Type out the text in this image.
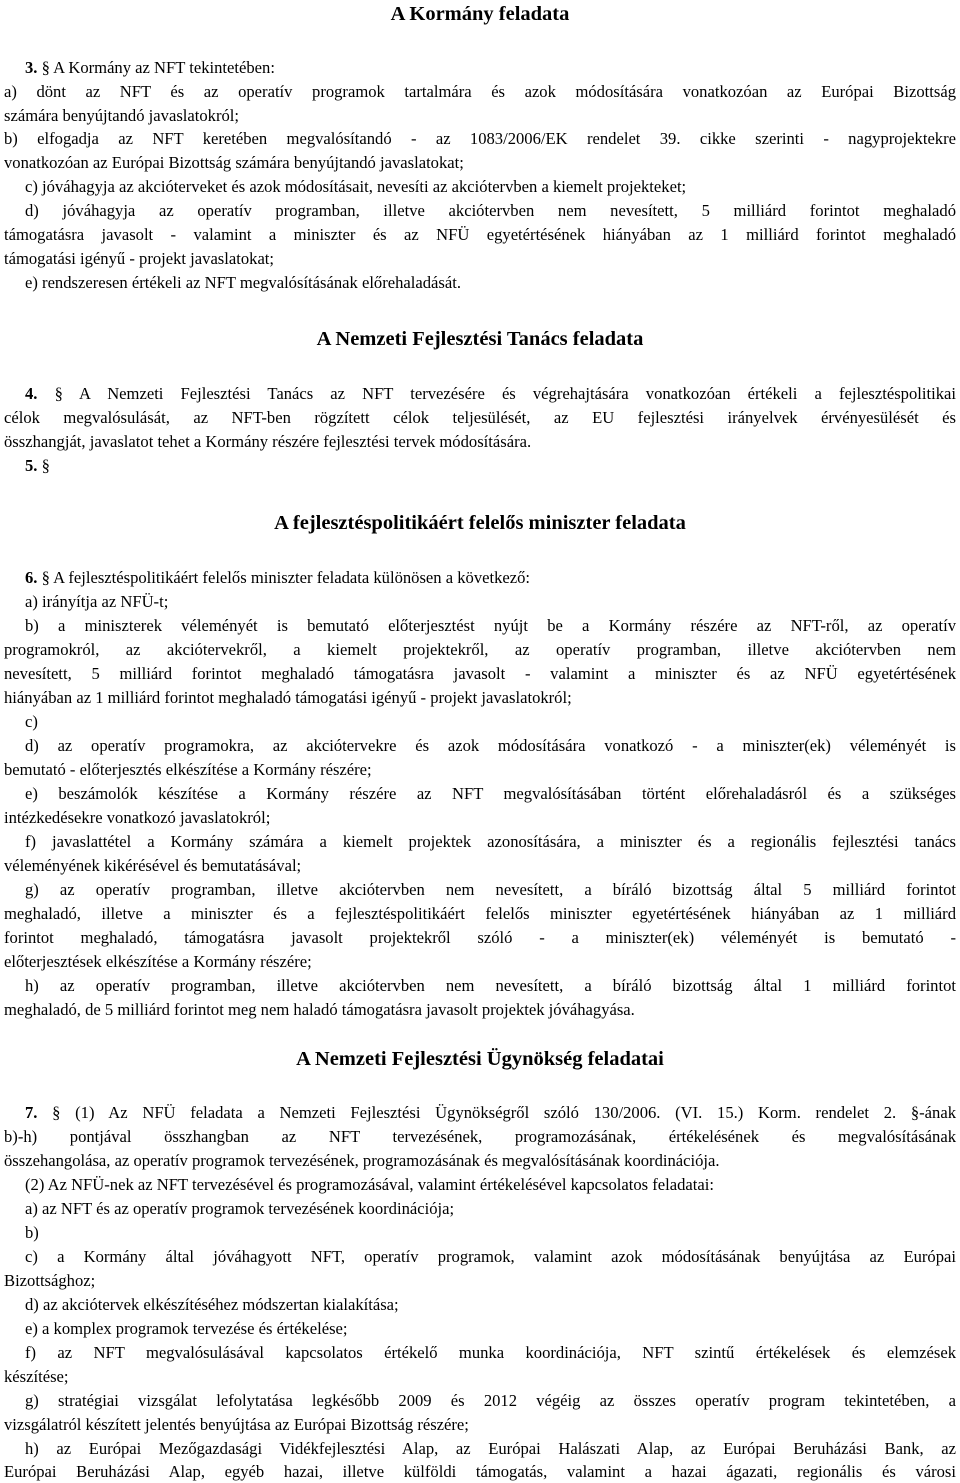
A Kormány feladata
3. § A Kormány az NFT tekintetében:
a) dönt az NFT és az operatív programok tartalmára és azok módosítására vonatkozóan az Európai Bizottság
számára benyújtandó javaslatokról;
b) elfogadja az NFT keretében megvalósítandó - az 1083/2006/EK rendelet 39. cikke szerinti - nagyprojektekre
vonatkozóan az Európai Bizottság számára benyújtandó javaslatokat;
c) jóváhagyja az akcióterveket és azok módosításait, nevesíti az akciótervben a kiemelt projekteket;
d) jóváhagyja az operatív programban, illetve akciótervben nem nevesített, 5 milliárd forintot meghaladó
támogatásra javasolt - valamint a miniszter és az NFÜ egyetértésének hiányában az 1 milliárd forintot meghaladó
támogatási igényű - projekt javaslatokat;
e) rendszeresen értékeli az NFT megvalósításának előrehaladását.
A Nemzeti Fejlesztési Tanács feladata
4. § A Nemzeti Fejlesztési Tanács az NFT tervezésére és végrehajtására vonatkozóan értékeli a fejlesztéspolitikai
célok megvalósulását, az NFT-ben rögzített célok teljesülését, az EU fejlesztési irányelvek érvényesülését és
összhangját, javaslatot tehet a Kormány részére fejlesztési tervek módosítására.
5. §
A fejlesztéspolitikáért felelős miniszter feladata
6. § A fejlesztéspolitikáért felelős miniszter feladata különösen a következő:
a) irányítja az NFÜ-t;
b) a miniszterek véleményét is bemutató előterjesztést nyújt be a Kormány részére az NFT-ről, az operatív
programokról, az akciótervekről, a kiemelt projektekről, az operatív programban, illetve akciótervben nem
nevesített, 5 milliárd forintot meghaladó támogatásra javasolt - valamint a miniszter és az NFÜ egyetértésének
hiányában az 1 milliárd forintot meghaladó támogatási igényű - projekt javaslatokról;
c)
d) az operatív programokra, az akciótervekre és azok módosítására vonatkozó - a miniszter(ek) véleményét is
bemutató - előterjesztés elkészítése a Kormány részére;
e) beszámolók készítése a Kormány részére az NFT megvalósításában történt előrehaladásról és a szükséges
intézkedésekre vonatkozó javaslatokról;
f) javaslattétel a Kormány számára a kiemelt projektek azonosítására, a miniszter és a regionális fejlesztési tanács
véleményének kikérésével és bemutatásával;
g) az operatív programban, illetve akciótervben nem nevesített, a bíráló bizottság által 5 milliárd forintot
meghaladó, illetve a miniszter és a fejlesztéspolitikáért felelős miniszter egyetértésének hiányában az 1 milliárd
forintot meghaladó, támogatásra javasolt projektekről szóló - a miniszter(ek) véleményét is bemutató -
előterjesztések elkészítése a Kormány részére;
h) az operatív programban, illetve akciótervben nem nevesített, a bíráló bizottság által 1 milliárd forintot
meghaladó, de 5 milliárd forintot meg nem haladó támogatásra javasolt projektek jóváhagyása.
A Nemzeti Fejlesztési Ügynökség feladatai
7. § (1) Az NFÜ feladata a Nemzeti Fejlesztési Ügynökségről szóló 130/2006. (VI. 15.) Korm. rendelet 2. §-ának
b)-h) pontjával összhangban az NFT tervezésének, programozásának, értékelésének és megvalósításának
összehangolása, az operatív programok tervezésének, programozásának és megvalósításának koordinációja.
(2) Az NFÜ-nek az NFT tervezésével és programozásával, valamint értékelésével kapcsolatos feladatai:
a) az NFT és az operatív programok tervezésének koordinációja;
b)
c) a Kormány által jóváhagyott NFT, operatív programok, valamint azok módosításának benyújtása az Európai
Bizottsághoz;
d) az akciótervek elkészítéséhez módszertan kialakítása;
e) a komplex programok tervezése és értékelése;
f) az NFT megvalósulásával kapcsolatos értékelő munka koordinációja, NFT szintű értékelések és elemzések
készítése;
g) stratégiai vizsgálat lefolytatása legkésőbb 2009 és 2012 végéig az összes operatív program tekintetében, a
vizsgálatról készített jelentés benyújtása az Európai Bizottság részére;
h) az Európai Mezőgazdasági Vidékfejlesztési Alap, az Európai Halászati Alap, az Európai Beruházási Bank, az
Európai Beruházási Alap, egyéb hazai, illetve külföldi támogatás, valamint a hazai ágazati, regionális és városi
